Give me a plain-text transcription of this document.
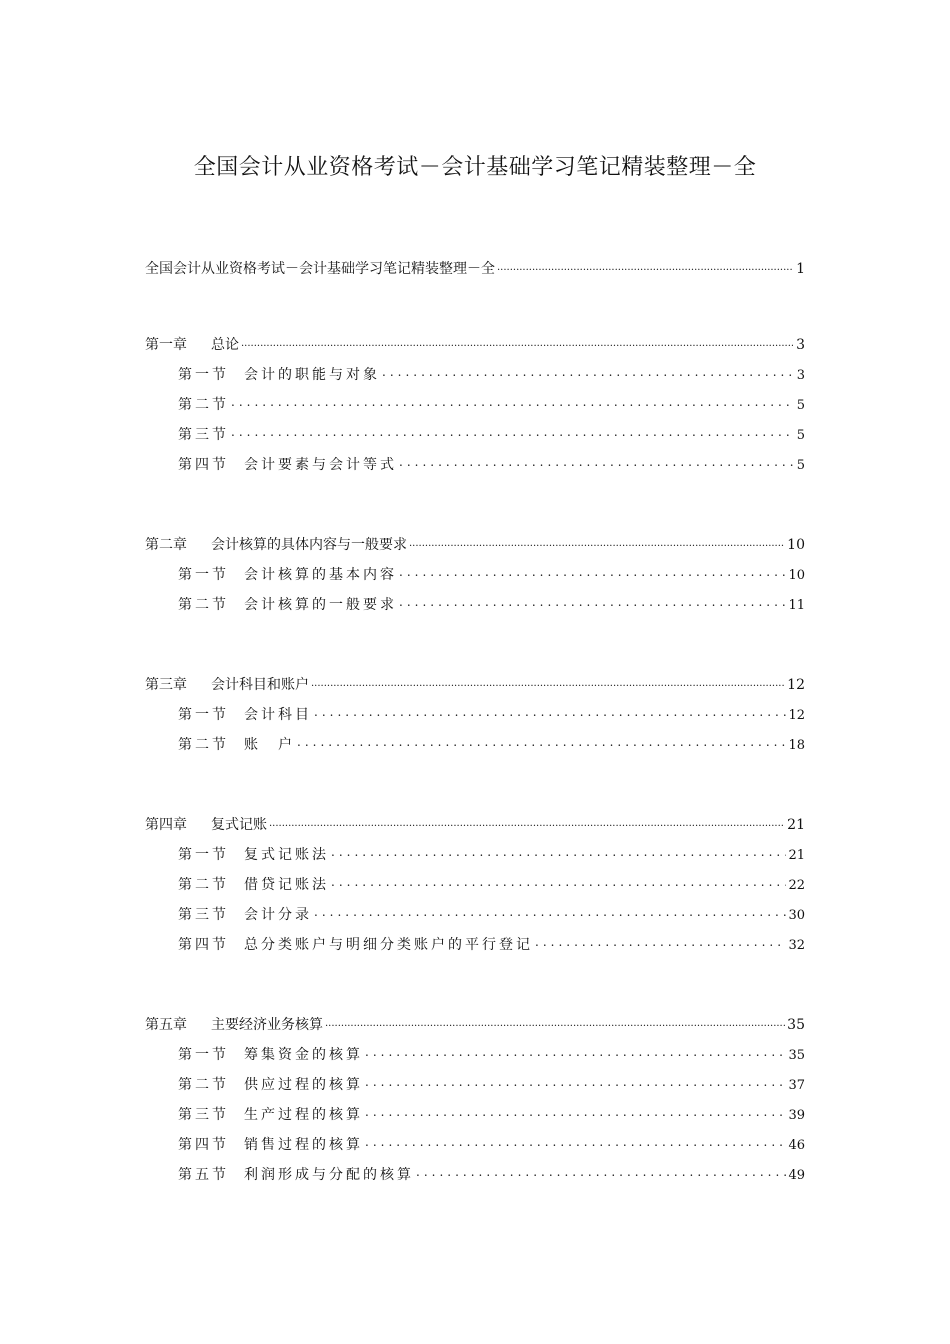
全国会计从业资格考试－会计基础学习笔记精装整理－全
全国会计从业资格考试－会计基础学习笔记精装整理－全 .....	1
第一章 总论 .....	3
第一节 会计的职能与对象 .....	3
第二节 .....	5
第三节 .....	5
第四节 会计要素与会计等式 .....	5
第二章 会计核算的具体内容与一般要求 .....	10
第一节 会计核算的基本内容 .....	10
第二节 会计核算的一般要求 .....	11
第三章 会计科目和账户 .....	12
第一节 会计科目 .....	12
第二节 账　户 .....	18
第四章 复式记账 .....	21
第一节 复式记账法 .....	21
第二节 借贷记账法 .....	22
第三节 会计分录 .....	30
第四节 总分类账户与明细分类账户的平行登记 .....	32
第五章 主要经济业务核算 .....	35
第一节 筹集资金的核算 .....	35
第二节 供应过程的核算 .....	37
第三节 生产过程的核算 .....	39
第四节 销售过程的核算 .....	46
第五节 利润形成与分配的核算 .....	49
